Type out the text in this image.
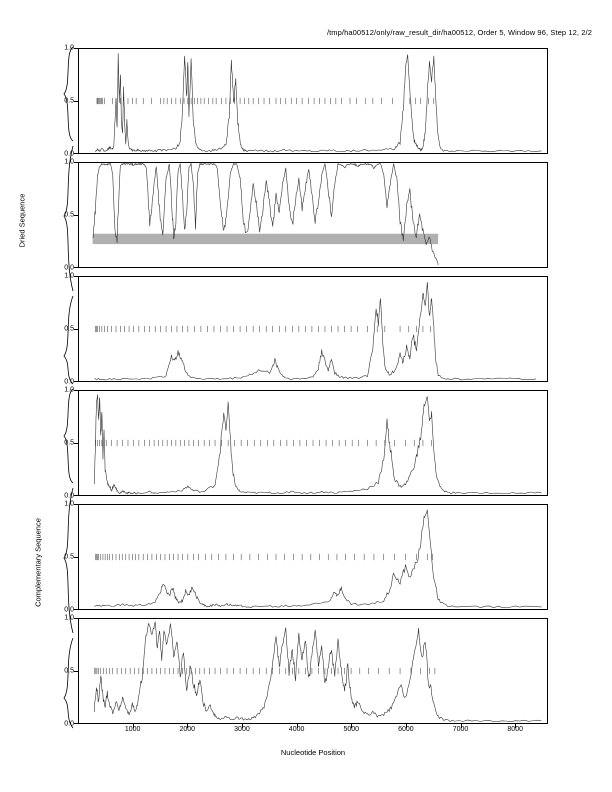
/tmp/ha00512/only/raw_result_dir/ha00512, Order 5, Window 96, Step 12, 2/2
Dried Sequence
Complementary Sequence
1.0
0.5
0.0
1.0
0.5
0.0
1.0
0.5
0.0
1.0
0.5
0.0
1.0
0.5
0.0
1.0
0.5
0.0
1000	2000	3000	4000	5000	6000	7000	8000
Nucleotide Position
